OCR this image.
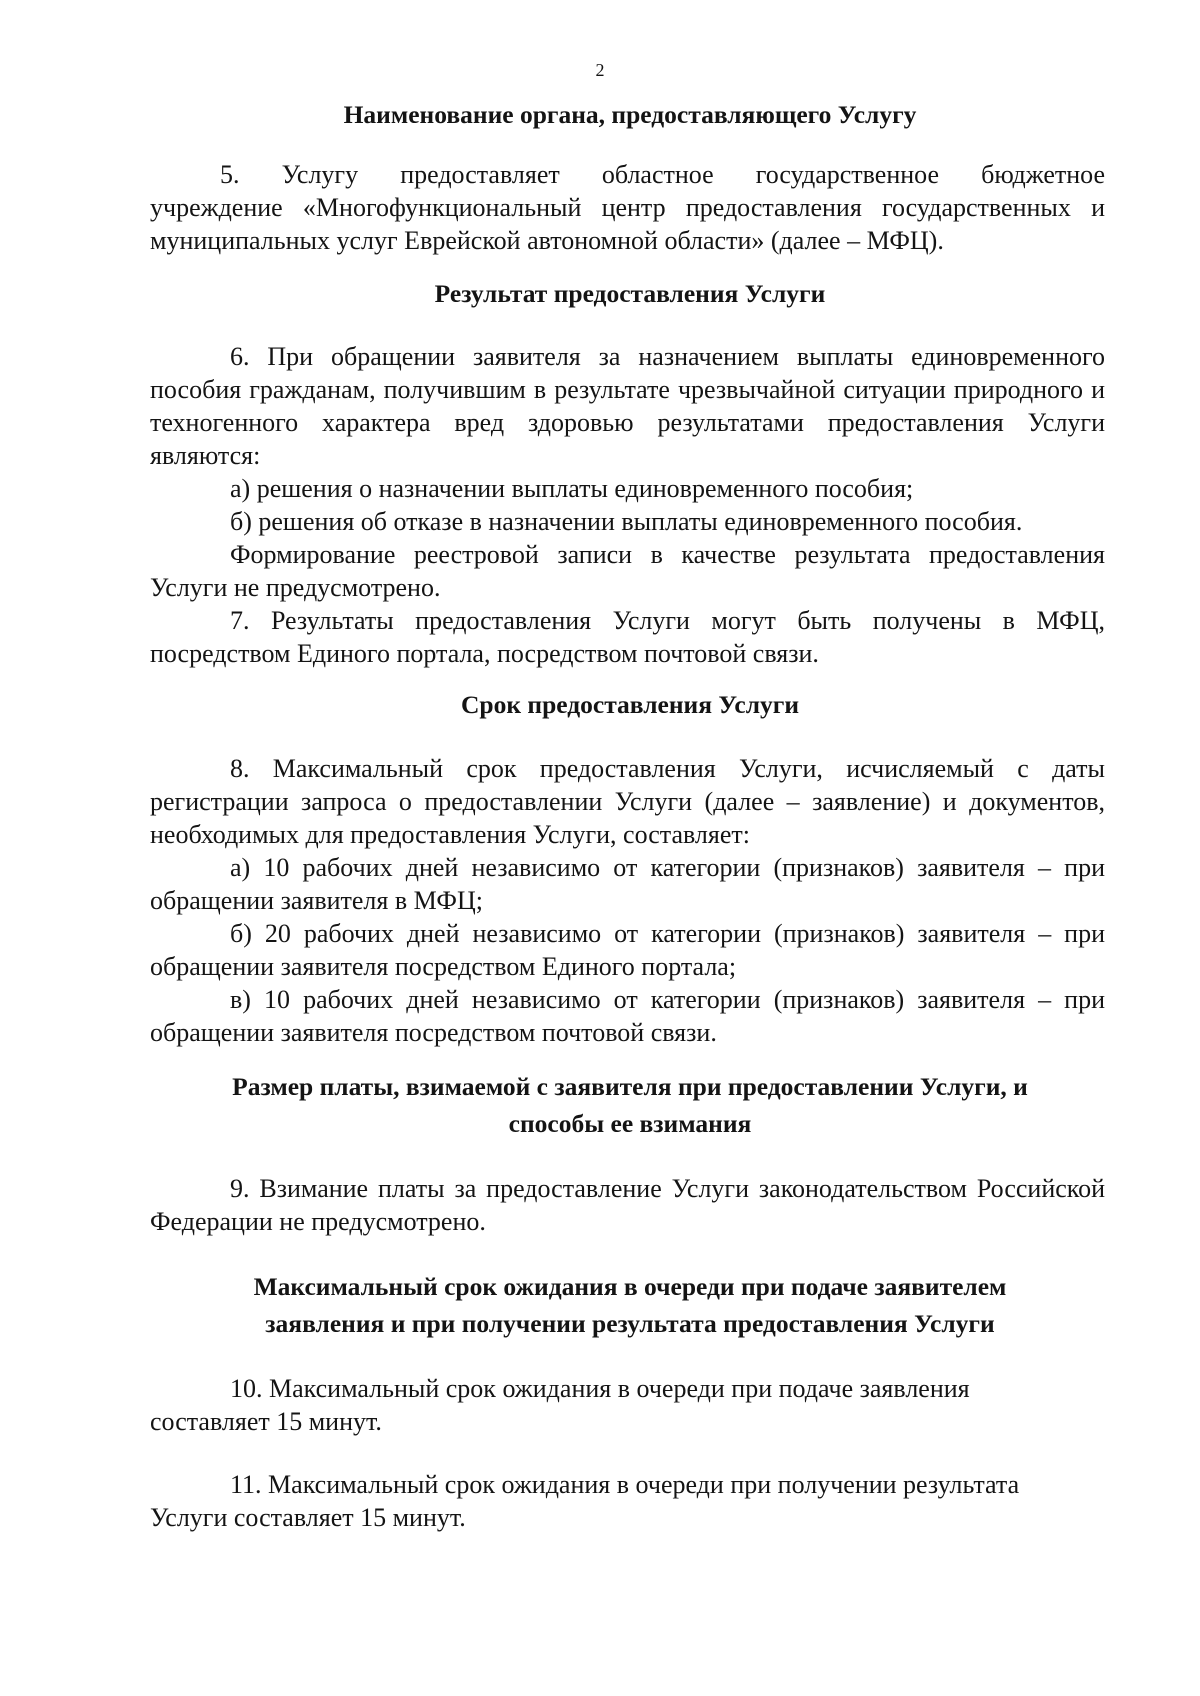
2
Наименование органа, предоставляющего Услугу
5. Услугу предоставляет областное государственное бюджетное
учреждение «Многофункциональный центр предоставления государственных и муниципальных услуг Еврейской автономной области» (далее – МФЦ).
Результат предоставления Услуги
6. При обращении заявителя за назначением выплаты единовременного пособия гражданам, получившим в результате чрезвычайной ситуации природного и техногенного характера вред здоровью результатами предоставления Услуги являются:
а) решения о назначении выплаты единовременного пособия;
б) решения об отказе в назначении выплаты единовременного пособия.
Формирование реестровой записи в качестве результата предоставления Услуги не предусмотрено.
7. Результаты предоставления Услуги могут быть получены в МФЦ, посредством Единого портала, посредством почтовой связи.
Срок предоставления Услуги
8. Максимальный срок предоставления Услуги, исчисляемый с даты регистрации запроса о предоставлении Услуги (далее – заявление) и документов, необходимых для предоставления Услуги, составляет:
а) 10 рабочих дней независимо от категории (признаков) заявителя – при обращении заявителя в МФЦ;
б) 20 рабочих дней независимо от категории (признаков) заявителя – при обращении заявителя посредством Единого портала;
в) 10 рабочих дней независимо от категории (признаков) заявителя – при обращении заявителя посредством почтовой связи.
Размер платы, взимаемой с заявителя при предоставлении Услуги, и
способы ее взимания
9. Взимание платы за предоставление Услуги законодательством Российской Федерации не предусмотрено.
Максимальный срок ожидания в очереди при подаче заявителем
заявления и при получении результата предоставления Услуги
10. Максимальный срок ожидания в очереди при подаче заявления
составляет 15 минут.
11. Максимальный срок ожидания в очереди при получении результата
Услуги составляет 15 минут.
